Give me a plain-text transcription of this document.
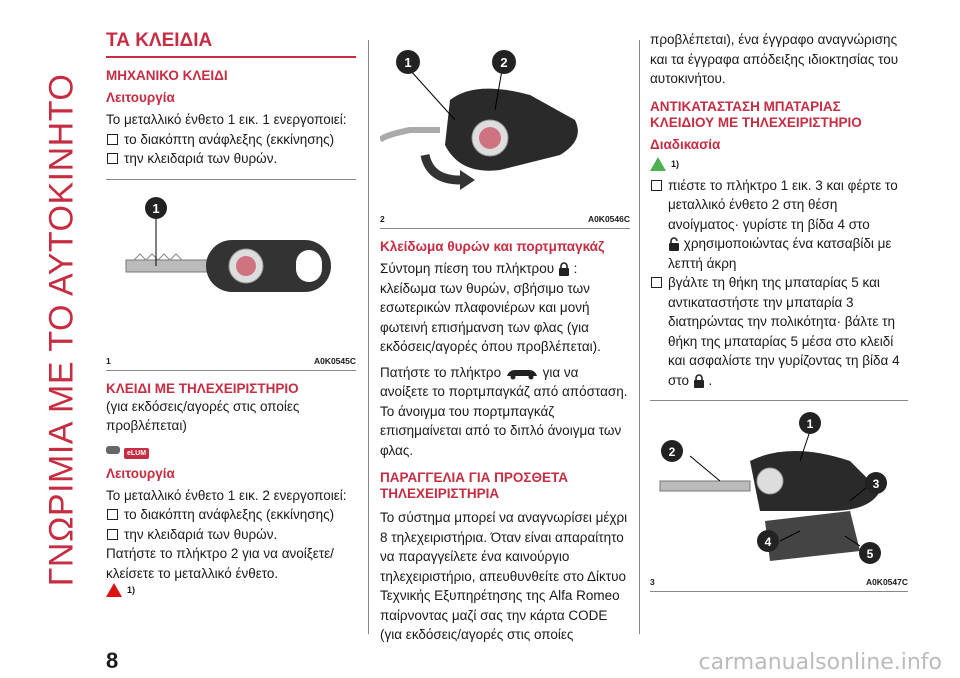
ΓΝΩΡΙΜΙΑ ΜΕ ΤΟ ΑΥΤΟΚΙΝΗΤΟ
ΤΑ ΚΛΕΙΔΙΑ

ΜΗΧΑΝΙΚΟ ΚΛΕΙΔΙ

Λειτουργία

Το μεταλλικό ένθετο 1 εικ. 1 ενεργοποιεί:

το διακόπτη ανάφλεξης (εκκίνησης)
την κλειδαριά των θυρών.
1
1	A0K0545C

ΚΛΕΙΔΙ ΜΕ ΤΗΛΕΧΕΙΡΙΣΤΗΡΙΟ

(για εκδόσεις/αγορές στις οποίες προβλέπεται)

eLUM

Λειτουργία

Το μεταλλικό ένθετο 1 εικ. 2 ενεργοποιεί:

το διακόπτη ανάφλεξης (εκκίνησης)
την κλειδαριά των θυρών.

Πατήστε το πλήκτρο 2 για να ανοίξετε/κλείσετε το μεταλλικό ένθετο.

1)
1	2
2	A0K0546C

Κλείδωμα θυρών και πορτμπαγκάζ

Σύντομη πίεση του πλήκτρου : κλείδωμα των θυρών, σβήσιμο των εσωτερικών πλαφονιέρων και μονή φωτεινή επισήμανση των φλας (για εκδόσεις/αγορές όπου προβλέπεται).

Πατήστε το πλήκτρο	για να ανοίξετε το πορτμπαγκάζ από απόσταση. Το άνοιγμα του πορτμπαγκάζ επισημαίνεται από το διπλό άνοιγμα των φλας.

ΠΑΡΑΓΓΕΛΙΑ ΓΙΑ ΠΡΟΣΘΕΤΑ ΤΗΛΕΧΕΙΡΙΣΤΗΡΙΑ

Το σύστημα μπορεί να αναγνωρίσει μέχρι 8 τηλεχειριστήρια. Όταν είναι απαραίτητο να παραγγείλετε ένα καινούργιο τηλεχειριστήριο, απευθυνθείτε στο Δίκτυο Τεχνικής Εξυπηρέτησης της Alfa Romeo παίρνοντας μαζί σας την κάρτα CODE (για εκδόσεις/αγορές στις οποίες

προβλέπεται), ένα έγγραφο αναγνώρισης και τα έγγραφα απόδειξης ιδιοκτησίας του αυτοκινήτου.

ΑΝΤΙΚΑΤΑΣΤΑΣΗ ΜΠΑΤΑΡΙΑΣ ΚΛΕΙΔΙΟΥ ΜΕ ΤΗΛΕΧΕΙΡΙΣΤΗΡΙΟ

Διαδικασία

1)
πιέστε το πλήκτρο 1 εικ. 3 και φέρτε το μεταλλικό ένθετο 2 στη θέση ανοίγματος· γυρίστε τη βίδα 4 στο
χρησιμοποιώντας ένα κατσαβίδι με λεπτή άκρη
βγάλτε τη θήκη της μπαταρίας 5 και αντικαταστήστε την μπαταρία 3 διατηρώντας την πολικότητα· βάλτε τη θήκη της μπαταρίας 5 μέσα στο κλειδί και ασφαλίστε την γυρίζοντας τη βίδα 4 στο .
1
2
3
4
5
3	A0K0547C
8	carmanualsonline.info
